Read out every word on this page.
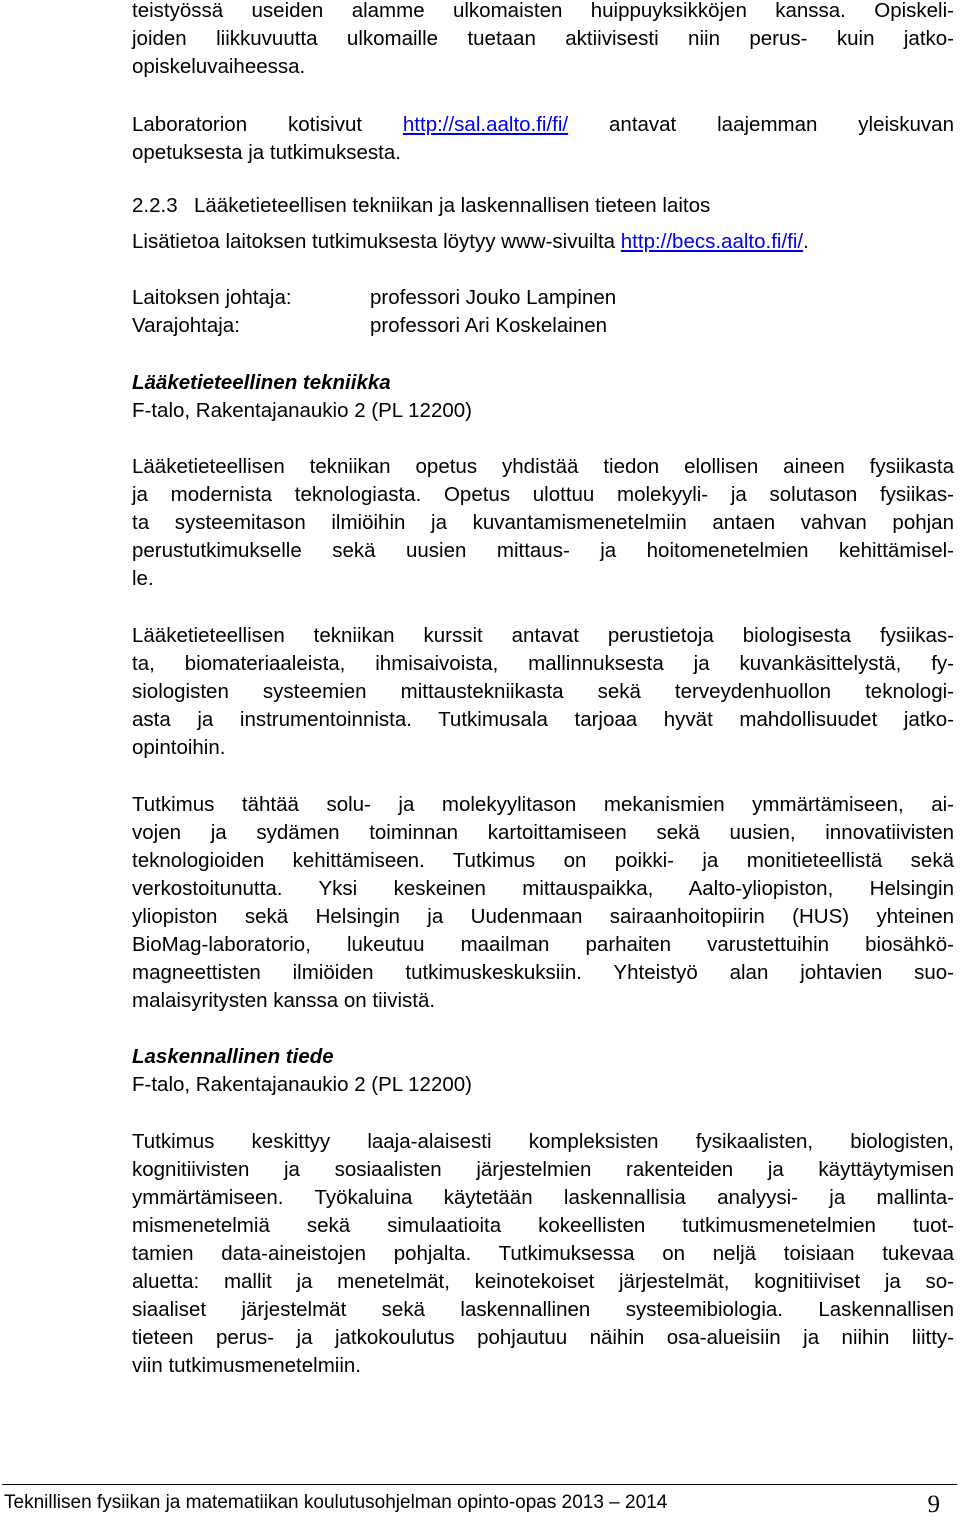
teistyössä useiden alamme ulkomaisten huippuyksikköjen kanssa. Opiskeli-
joiden liikkuvuutta ulkomaille tuetaan aktiivisesti niin perus- kuin jatko-
opiskeluvaiheessa.
Laboratorion kotisivut http://sal.aalto.fi/fi/ antavat laajemman yleiskuvan
opetuksesta ja tutkimuksesta.
2.2.3 Lääketieteellisen tekniikan ja laskennallisen tieteen laitos
Lisätietoa laitoksen tutkimuksesta löytyy www-sivuilta http://becs.aalto.fi/fi/.
Laitoksen johtaja:	professori Jouko Lampinen
Varajohtaja:	professori Ari Koskelainen
Lääketieteellinen tekniikka
F-talo, Rakentajanaukio 2 (PL 12200)
Lääketieteellisen tekniikan opetus yhdistää tiedon elollisen aineen fysiikasta
ja modernista teknologiasta. Opetus ulottuu molekyyli- ja solutason fysiikas-
ta systeemitason ilmiöihin ja kuvantamismenetelmiin antaen vahvan pohjan
perustutkimukselle sekä uusien mittaus- ja hoitomenetelmien kehittämisel-
le.
Lääketieteellisen tekniikan kurssit antavat perustietoja biologisesta fysiikas-
ta, biomateriaaleista, ihmisaivoista, mallinnuksesta ja kuvankäsittelystä, fy-
siologisten systeemien mittaustekniikasta sekä terveydenhuollon teknologi-
asta ja instrumentoinnista. Tutkimusala tarjoaa hyvät mahdollisuudet jatko-
opintoihin.
Tutkimus tähtää solu- ja molekyylitason mekanismien ymmärtämiseen, ai-
vojen ja sydämen toiminnan kartoittamiseen sekä uusien, innovatiivisten
teknologioiden kehittämiseen. Tutkimus on poikki- ja monitieteellistä sekä
verkostoitunutta. Yksi keskeinen mittauspaikka, Aalto-yliopiston, Helsingin
yliopiston sekä Helsingin ja Uudenmaan sairaanhoitopiirin (HUS) yhteinen
BioMag-laboratorio, lukeutuu maailman parhaiten varustettuihin biosähkö-
magneettisten ilmiöiden tutkimuskeskuksiin. Yhteistyö alan johtavien suo-
malaisyritysten kanssa on tiivistä.
Laskennallinen tiede
F-talo, Rakentajanaukio 2 (PL 12200)
Tutkimus keskittyy laaja-alaisesti kompleksisten fysikaalisten, biologisten,
kognitiivisten ja sosiaalisten järjestelmien rakenteiden ja käyttäytymisen
ymmärtämiseen. Työkaluina käytetään laskennallisia analyysi- ja mallinta-
mismenetelmiä sekä simulaatioita kokeellisten tutkimusmenetelmien tuot-
tamien data-aineistojen pohjalta. Tutkimuksessa on neljä toisiaan tukevaa
aluetta: mallit ja menetelmät, keinotekoiset järjestelmät, kognitiiviset ja so-
siaaliset järjestelmät sekä laskennallinen systeemibiologia. Laskennallisen
tieteen perus- ja jatkokoulutus pohjautuu näihin osa-alueisiin ja niihin liitty-
viin tutkimusmenetelmiin.
Teknillisen fysiikan ja matematiikan koulutusohjelman opinto-opas 2013 – 2014	9
